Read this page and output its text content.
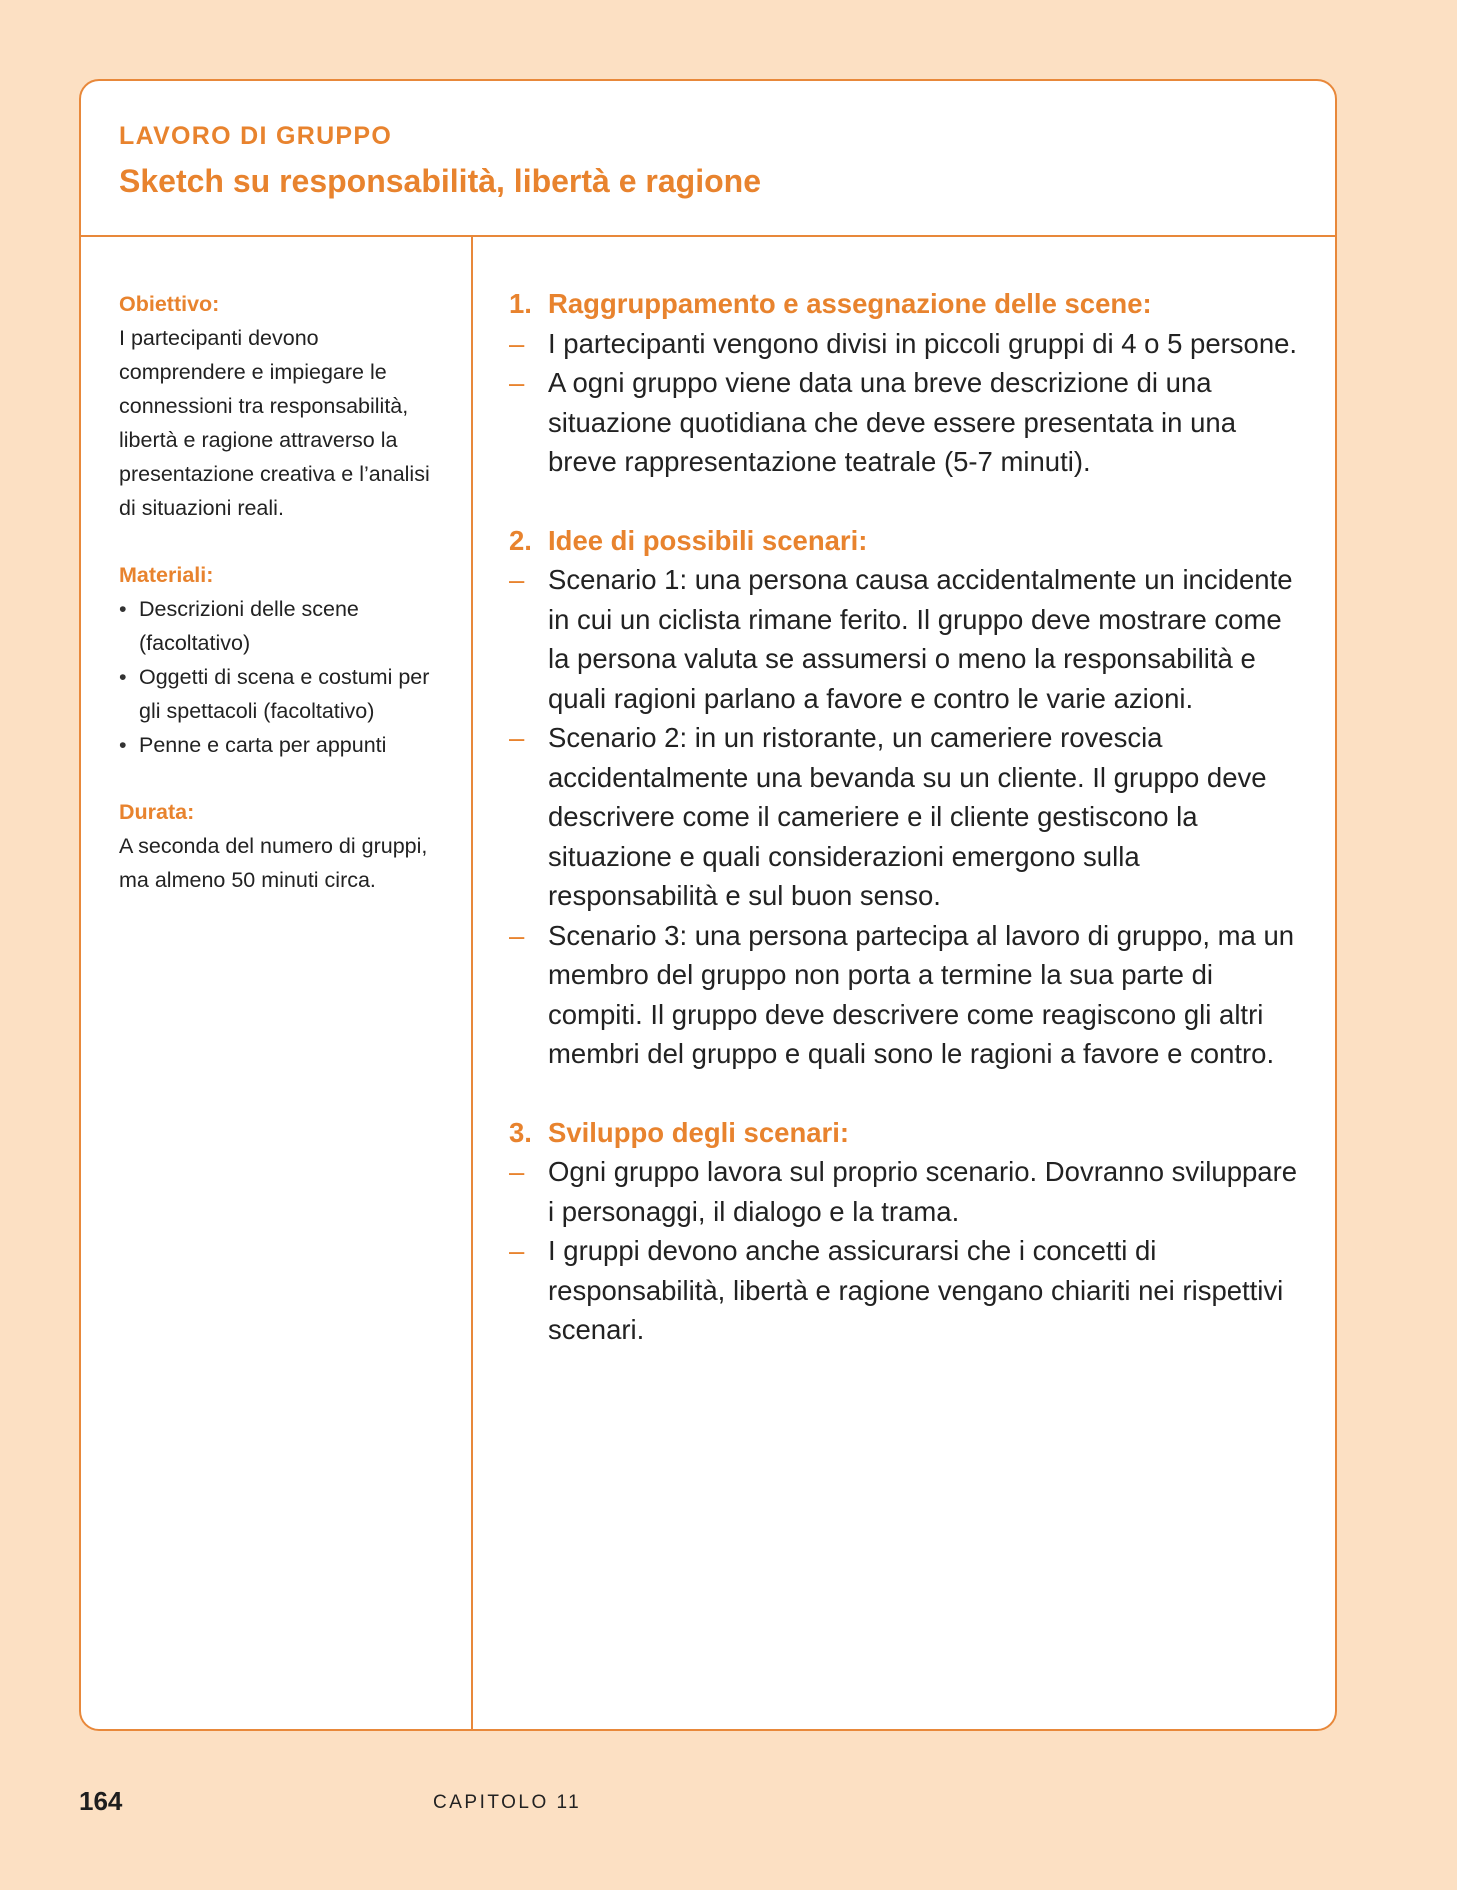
LAVORO DI GRUPPO
Sketch su responsabilità, libertà e ragione
Obiettivo:
I partecipanti devono comprendere e impiegare le connessioni tra responsabilità, libertà e ragione attraverso la presentazione creativa e l’analisi di situazioni reali.
Materiali:
• Descrizioni delle scene (facoltativo)
• Oggetti di scena e costumi per gli spettacoli (facoltativo)
• Penne e carta per appunti
Durata:
A seconda del numero di gruppi, ma almeno 50 minuti circa.
1. Raggruppamento e assegnazione delle scene:
– I partecipanti vengono divisi in piccoli gruppi di 4 o 5 persone.
– A ogni gruppo viene data una breve descrizione di una situazione quotidiana che deve essere presentata in una breve rappresentazione teatrale (5-7 minuti).
2. Idee di possibili scenari:
– Scenario 1: una persona causa accidentalmente un incidente in cui un ciclista rimane ferito. Il gruppo deve mostrare come la persona valuta se assumersi o meno la responsabilità e quali ragioni parlano a favore e contro le varie azioni.
– Scenario 2: in un ristorante, un cameriere rovescia accidentalmente una bevanda su un cliente. Il gruppo deve descrivere come il cameriere e il cliente gestiscono la situazione e quali considerazioni emergono sulla responsabilità e sul buon senso.
– Scenario 3: una persona partecipa al lavoro di gruppo, ma un membro del gruppo non porta a termine la sua parte di compiti. Il gruppo deve descrivere come reagiscono gli altri membri del gruppo e quali sono le ragioni a favore e contro.
3. Sviluppo degli scenari:
– Ogni gruppo lavora sul proprio scenario. Dovranno sviluppare i personaggi, il dialogo e la trama.
– I gruppi devono anche assicurarsi che i concetti di responsabilità, libertà e ragione vengano chiariti nei rispettivi scenari.
164	CAPITOLO 11
